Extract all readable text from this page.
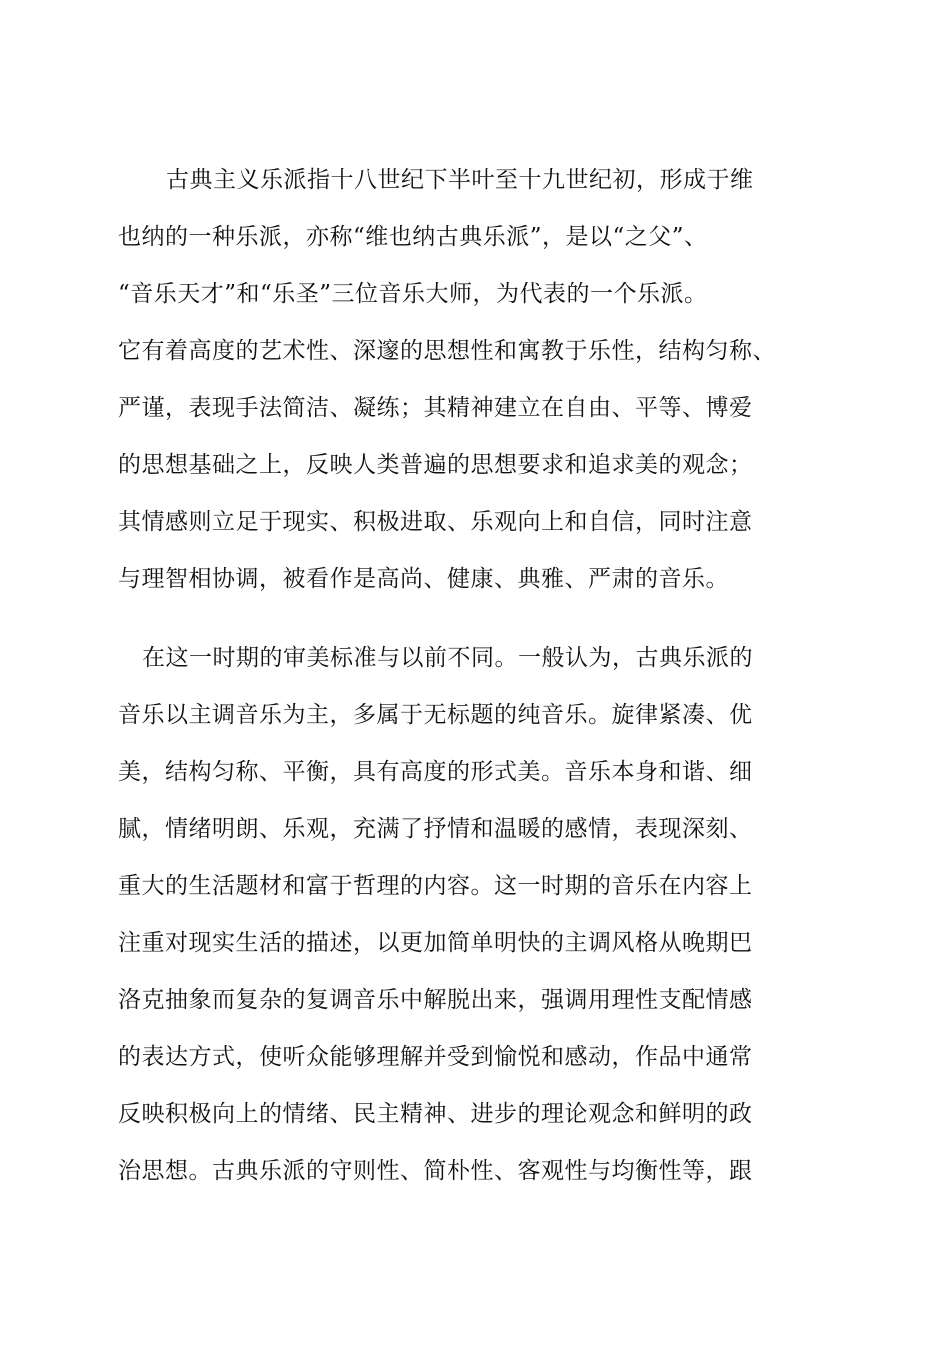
古典主义乐派指十八世纪下半叶至十九世纪初，形成于维
也纳的一种乐派，亦称“维也纳古典乐派”，是以“之父”、
“音乐天才”和“乐圣”三位音乐大师，为代表的一个乐派。
它有着高度的艺术性、深邃的思想性和寓教于乐性，结构匀称、
严谨，表现手法简洁、凝练；其精神建立在自由、平等、博爱
的思想基础之上，反映人类普遍的思想要求和追求美的观念；
其情感则立足于现实、积极进取、乐观向上和自信，同时注意
与理智相协调，被看作是高尚、健康、典雅、严肃的音乐。
在这一时期的审美标准与以前不同。一般认为，古典乐派的
音乐以主调音乐为主，多属于无标题的纯音乐。旋律紧凑、优
美，结构匀称、平衡，具有高度的形式美。音乐本身和谐、细
腻，情绪明朗、乐观，充满了抒情和温暖的感情，表现深刻、
重大的生活题材和富于哲理的内容。这一时期的音乐在内容上
注重对现实生活的描述，以更加简单明快的主调风格从晚期巴
洛克抽象而复杂的复调音乐中解脱出来，强调用理性支配情感
的表达方式，使听众能够理解并受到愉悦和感动，作品中通常
反映积极向上的情绪、民主精神、进步的理论观念和鲜明的政
治思想。古典乐派的守则性、简朴性、客观性与均衡性等，跟
